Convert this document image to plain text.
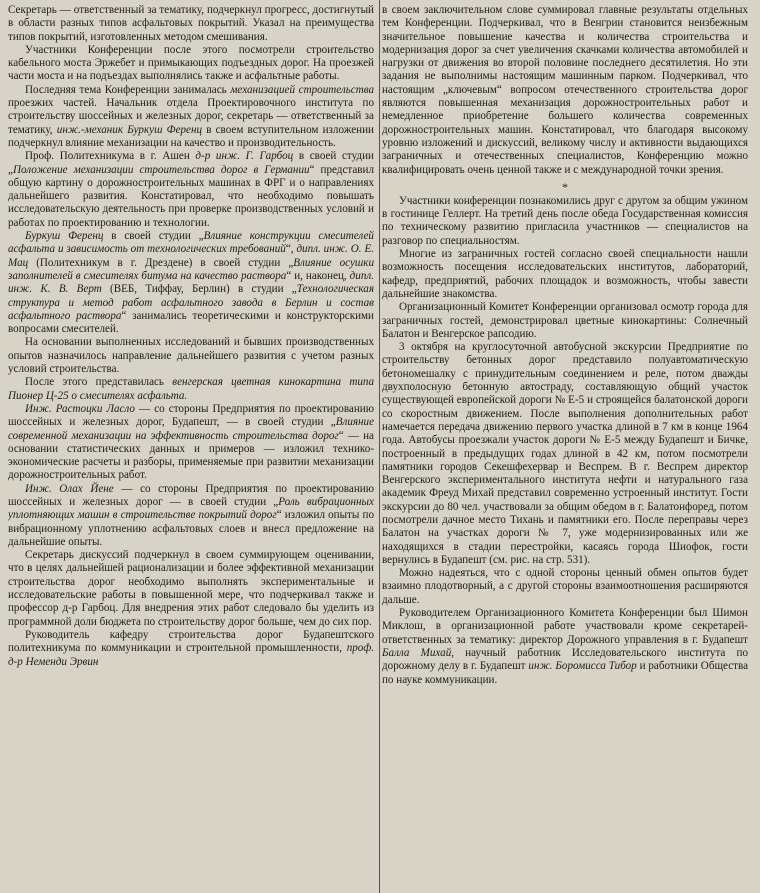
Секретарь — ответственный за тематику, подчеркнул прогресс, достигнутый в области разных типов асфальтовых покрытий. Указал на преимущества типов покрытий, изготовленных методом смешивания.

Участники Конференции после этого посмотрели строительство кабельного моста Эржебет и примыкающих подъездных дорог. На проезжей части моста и на подъездах выполнялись также и асфальтные работы.

Последняя тема Конференции занималась механизацией строительства проезжих частей. Начальник отдела Проектировочного института по строительству шоссейных и железных дорог, секретарь — ответственный за тематику, инж.-механик Буркуш Ференц в своем вступительном изложении подчеркнул влияние механизации на качество и производительность.

Проф. Политехникума в г. Ашен д-р инж. Г. Гарбоц в своей студии „Положение механизации строительства дорог в Германии“ представил общую картину о дорожностроительных машинах в ФРГ и о направлениях дальнейшего развития. Констатировал, что необходимо повышать исследовательскую деятельность при проверке производственных условий и работах по проектированию и технологии.

Буркуш Ференц в своей студии „Влияние конструкции смесителей асфальта и зависимость от технологических требований“, дипл. инж. О. Е. Мац (Политехникум в г. Дрездене) в своей студии „Влияние осушки заполнителей в смесителях битума на качество раствора“ и, наконец, дипл. инж. К. В. Верт (ВЕБ, Тиффау, Берлин) в студии „Технологическая структура и метод работ асфальтного завода в Берлин и состав асфальтного раствора“ занимались теоретическими и конструкторскими вопросами смесителей.

На основании выполненных исследований и бывших производственных опытов назначилось направление дальнейшего развития с учетом разных условий строительства.

После этого представилась венгерская цветная кинокартина типа Пионер Ц-25 о смесителях асфальта.

Инж. Растоцки Ласло — со стороны Предприятия по проектированию шоссейных и железных дорог, Будапешт, — в своей студии „Влияние современной механизации на эффективность строительства дорог“ — на основании статистических данных и примеров — изложил технико-экономические расчеты и разборы, применяемые при развитии механизации дорожностроительных работ.

Инж. Олах Йене — со стороны Предприятия по проектированию шоссейных и железных дорог — в своей студии „Роль вибрационных уплотняющих машин в строительстве покрытий дорог“ изложил опыты по вибрационному уплотнению асфальтовых слоев и внесл предложение на дальнейшие опыты.

Секретарь дискуссий подчеркнул в своем суммирующем оценивании, что в целях дальнейшей рационализации и более эффективной механизации строительства дорог необходимо выполнять экспериментальные и исследовательские работы в повышенной мере, что подчеркивал также и профессор д-р Гарбоц. Для внедрения этих работ следовало бы уделить из программной доли бюджета по строительству дорог больше, чем до сих пор.

Руководитель кафедру строительства дорог Будапештского политехникума по коммуникации и строительной промышленности, проф. д-р Неменди Эрвин

в своем заключительном слове суммировал главные результаты отдельных тем Конференции. Подчеркивал, что в Венгрии становится неизбежным значительное повышение качества и количества строительства и модернизация дорог за счет увеличения скачками количества автомобилей и нагрузки от движения во второй половине последнего десятилетия. Но эти задания не выполнимы настоящим машинным парком. Подчеркивал, что настоящим „ключевым“ вопросом отечественного строительства дорог являются повышенная механизация дорожностроительных работ и немедленное приобретение большего количества современных дорожностроительных машин. Констатировал, что благодаря высокому уровню изложений и дискуссий, великому числу и активности выдающихся заграничных и отечественных специалистов, Конференцию можно квалифицировать очень ценной также и с международной точки зрения.

*

Участники конференции познакомились друг с другом за общим ужином в гостинице Геллерт. На третий день после обеда Государственная комиссия по техническому развитию пригласила участников — специалистов на разговор по специальностям.

Многие из заграничных гостей согласно своей специальности нашли возможность посещения исследовательских институтов, лабораторий, кафедр, предприятий, рабочих площадок и возможность, чтобы завести дальнейшие знакомства.

Организационный Комитет Конференции организовал осмотр города для заграничных гостей, демонстрировал цветные кинокартины: Солнечный Балатон и Венгерское рапсодию.

3 октября на круглосуточной автобусной экскурсии Предприятие по строительству бетонных дорог представило полуавтоматическую бетономешалку с принудительным соединением и реле, потом дважды двухполосную бетонную автостраду, составляющую общий участок существующей европейской дороги № Е-5 и строящейся балатонской дороги со скоростным движением. После выполнения дополнительных работ намечается передача движению первого участка длиной в 7 км в конце 1964 года. Автобусы проезжали участок дороги № Е-5 между Будапешт и Бичке, построенный в предыдущих годах длиной в 42 км, потом посмотрели памятники городов Секешфехервар и Веспрем. В г. Веспрем директор Венгерского экспериментального института нефти и натурального газа академик Фреуд Михай представил современно устроенный институт. Гости экскурсии до 80 чел. участвовали за общим обедом в г. Балатонфоред, потом посмотрели дачное место Тихань и памятники его. После переправы через Балатон на участках дороги № 7, уже модернизированных или же находящихся в стадии перестройки, касаясь города Шиофок, гости вернулись в Будапешт (см. рис. на стр. 531).

Можно надеяться, что с одной стороны ценный обмен опытов будет взаимно плодотворный, а с другой стороны взаимоотношения расширяются дальше.

Руководителем Организационного Комитета Конференции был Шимон Миклош, в организационной работе участвовали кроме секретарей-ответственных за тематику: директор Дорожного управления в г. Будапешт Балла Михай, научный работник Исследовательского института по дорожному делу в г. Будапешт инж. Боромисса Тибор и работники Общества по науке коммуникации.
